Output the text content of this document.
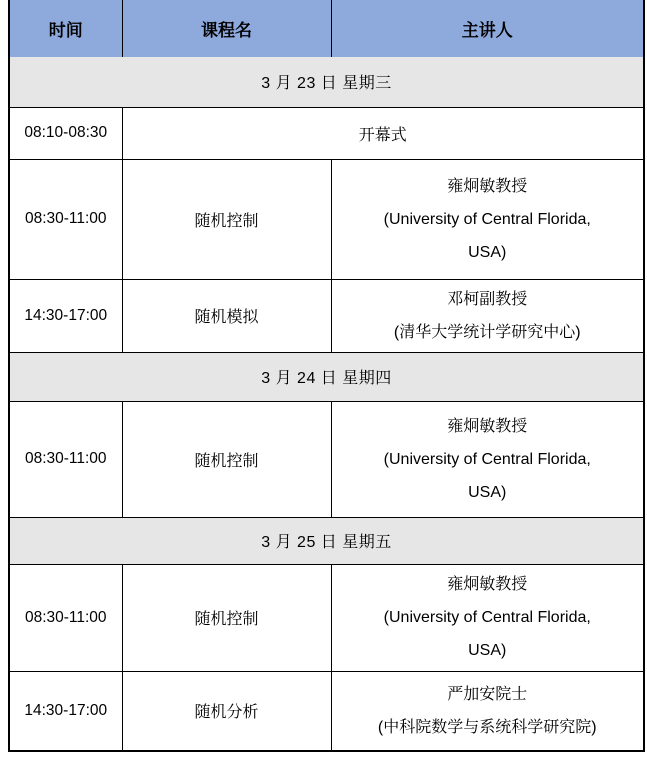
时间	课程名	主讲人
3 月 23 日 星期三		
08:10-08:30	开幕式	
08:30-11:00	随机控制	雍炯敏教授
(University of Central Florida,
USA)

14:30-17:00	随机模拟	邓柯副教授
(清华大学统计学研究中心)

3 月 24 日 星期四		
08:30-11:00	随机控制	雍炯敏教授
(University of Central Florida,
USA)

3 月 25 日 星期五		
08:30-11:00	随机控制	雍炯敏教授
(University of Central Florida,
USA)

14:30-17:00	随机分析	严加安院士
(中科院数学与系统科学研究院)
